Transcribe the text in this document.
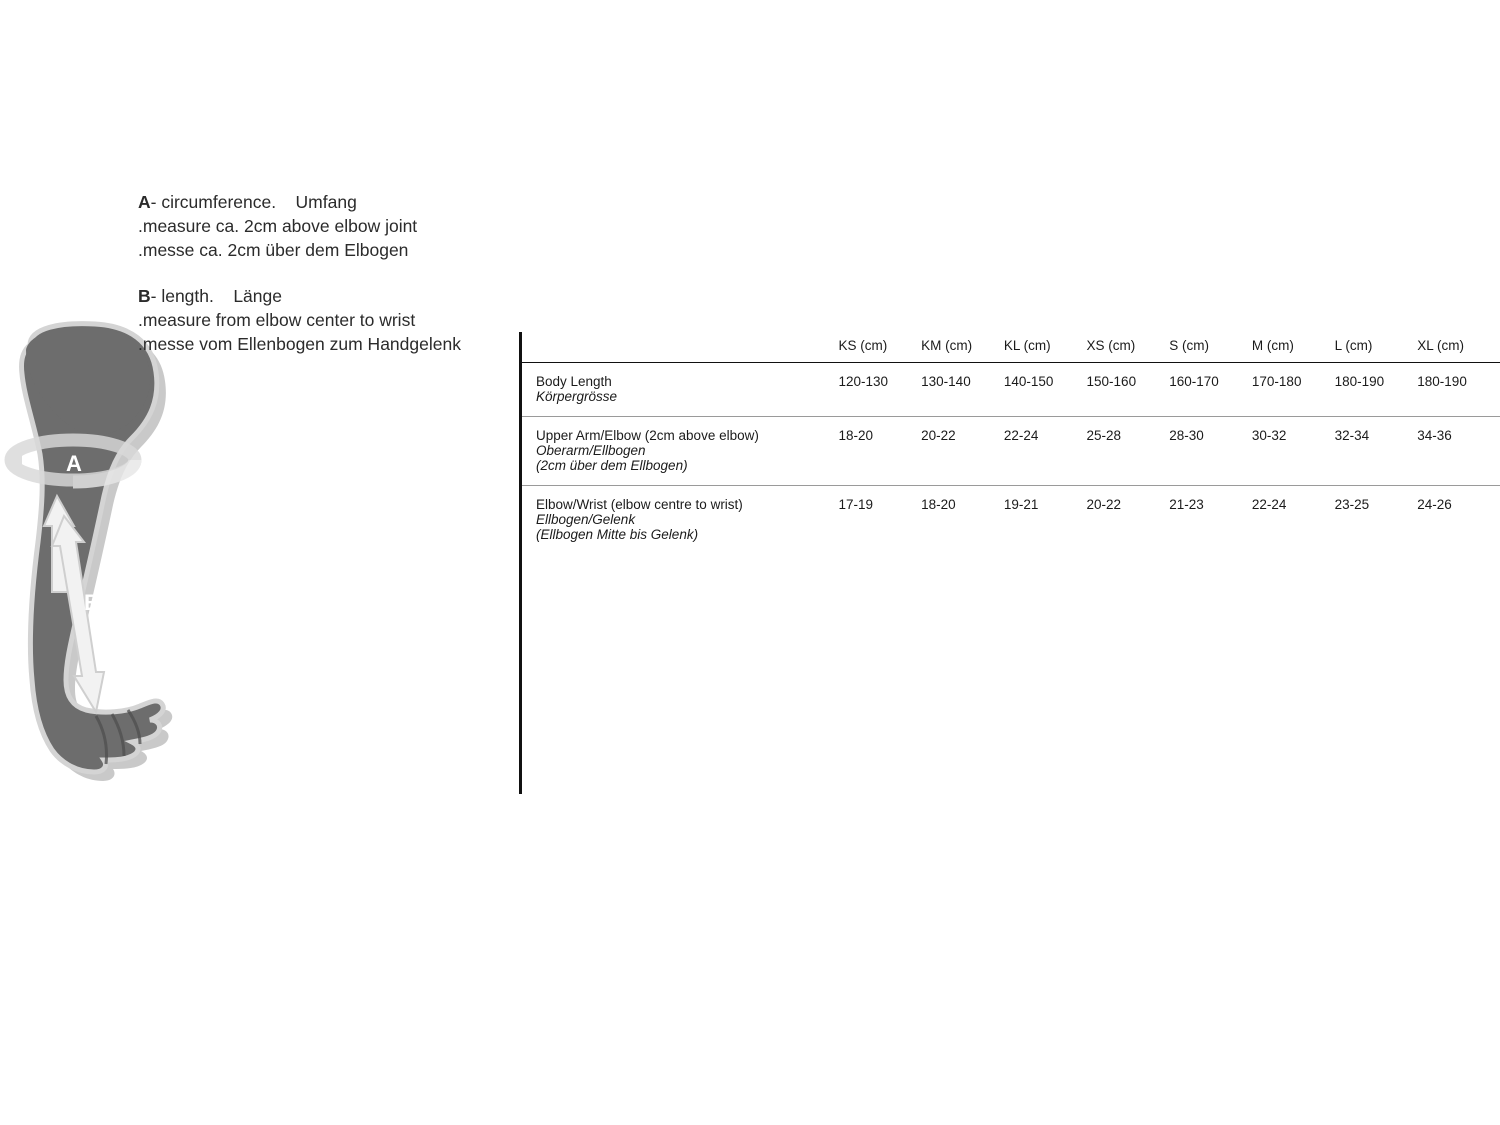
A
B
A- circumference. Umfang
.measure ca. 2cm above elbow joint
.messe ca. 2cm über dem Elbogen
B- length. Länge
.measure from elbow center to wrist
.messe vom Ellenbogen zum Handgelenk
		KS (cm)	KM (cm)	KL (cm)	XS (cm)	S (cm)	M (cm)	L (cm)	XL (cm)

Body Length
Körpergrösse	120-130	130-140	140-150	150-160	160-170	170-180	180-190	180-190

Upper Arm/Elbow (2cm above elbow)
Oberarm/Ellbogen
(2cm über dem Ellbogen)	18-20	20-22	22-24	25-28	28-30	30-32	32-34	34-36

Elbow/Wrist (elbow centre to wrist)
Ellbogen/Gelenk
(Ellbogen Mitte bis Gelenk)	17-19	18-20	19-21	20-22	21-23	22-24	23-25	24-26
